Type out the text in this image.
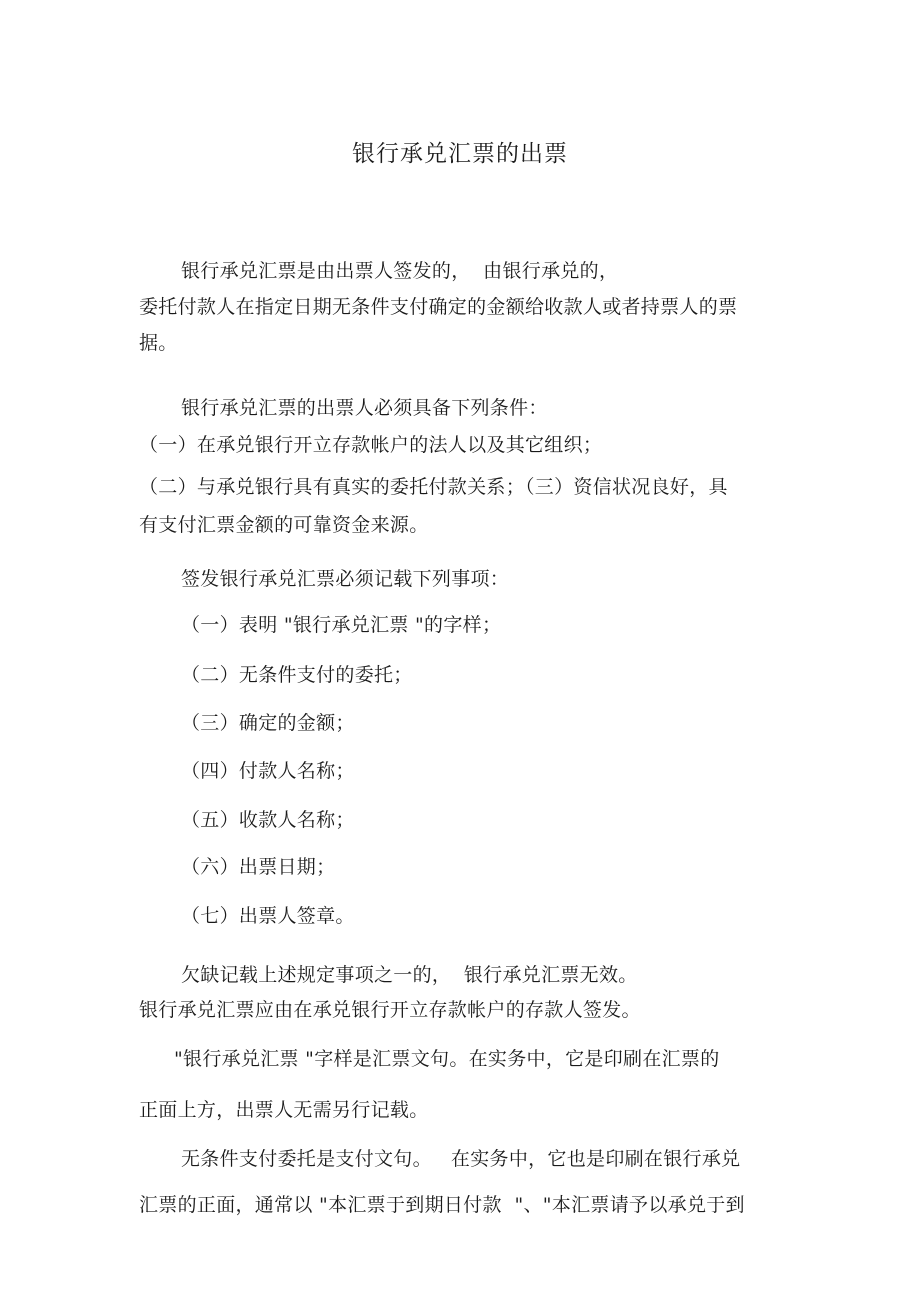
银行承兑汇票的出票
银行承兑汇票是由出票人签发的，  由银行承兑的，
委托付款人在指定日期无条件支付确定的金额给收款人或者持票人的票
据。
银行承兑汇票的出票人必须具备下列条件：
（一）在承兑银行开立存款帐户的法人以及其它组织；
（二）与承兑银行具有真实的委托付款关系；（三）资信状况良好，具
有支付汇票金额的可靠资金来源。
签发银行承兑汇票必须记载下列事项：
（一）表明 "银行承兑汇票 "的字样；
（二）无条件支付的委托；
（三）确定的金额；
（四）付款人名称；
（五）收款人名称；
（六）出票日期；
（七）出票人签章。
欠缺记载上述规定事项之一的，  银行承兑汇票无效。
银行承兑汇票应由在承兑银行开立存款帐户的存款人签发。
"银行承兑汇票 "字样是汇票文句。在实务中，它是印刷在汇票的
正面上方，出票人无需另行记载。
无条件支付委托是支付文句。   在实务中，它也是印刷在银行承兑
汇票的正面，通常以 "本汇票于到期日付款  "、"本汇票请予以承兑于到
